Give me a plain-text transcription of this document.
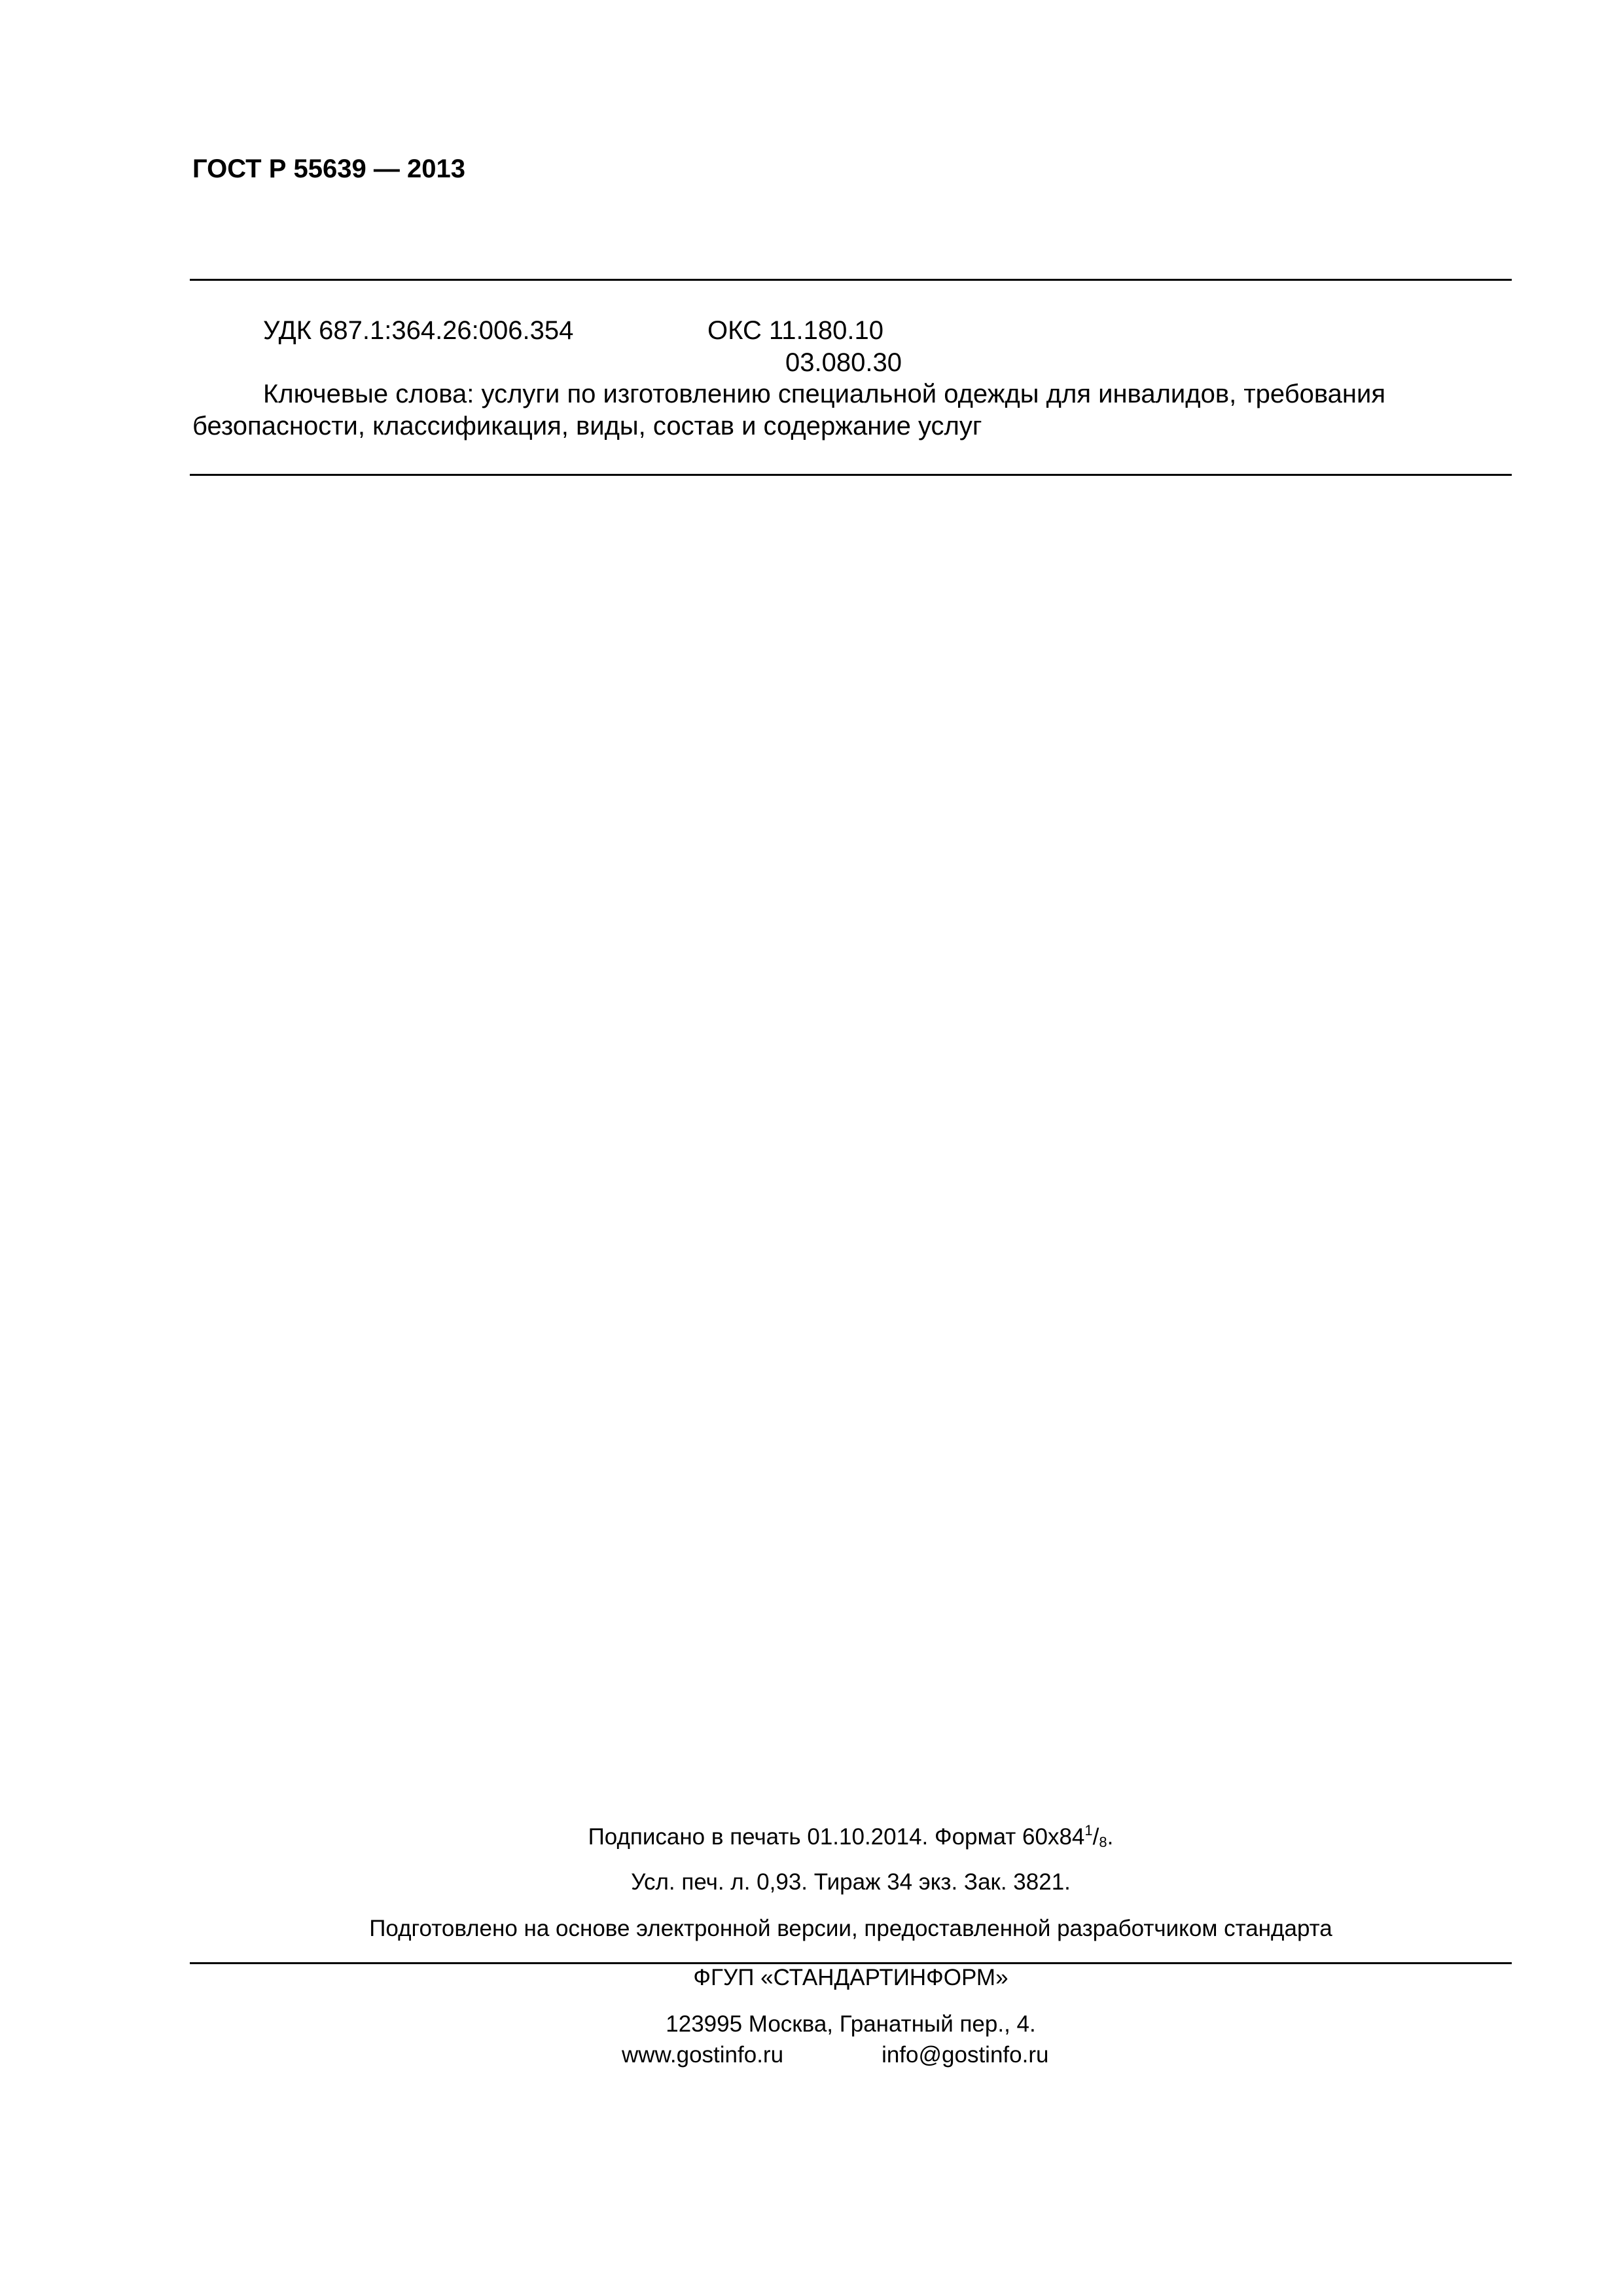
ГОСТ Р 55639 — 2013
УДК 687.1:364.26:006.354	ОКС 11.180.10
03.080.30
Ключевые слова: услуги по изготовлению специальной одежды для инвалидов, требования
безопасности, классификация, виды, состав и содержание услуг
Подписано в печать 01.10.2014. Формат $60x84^1/_8$.
Усл. печ. л. 0,93. Тираж 34 экз. Зак. 3821.
Подготовлено на основе электронной версии, предоставленной разработчиком стандарта
ФГУП «СТАНДАРТИНФОРМ»
123995 Москва, Гранатный пер., 4.
www.gostinfo.ru	info@gostinfo.ru
